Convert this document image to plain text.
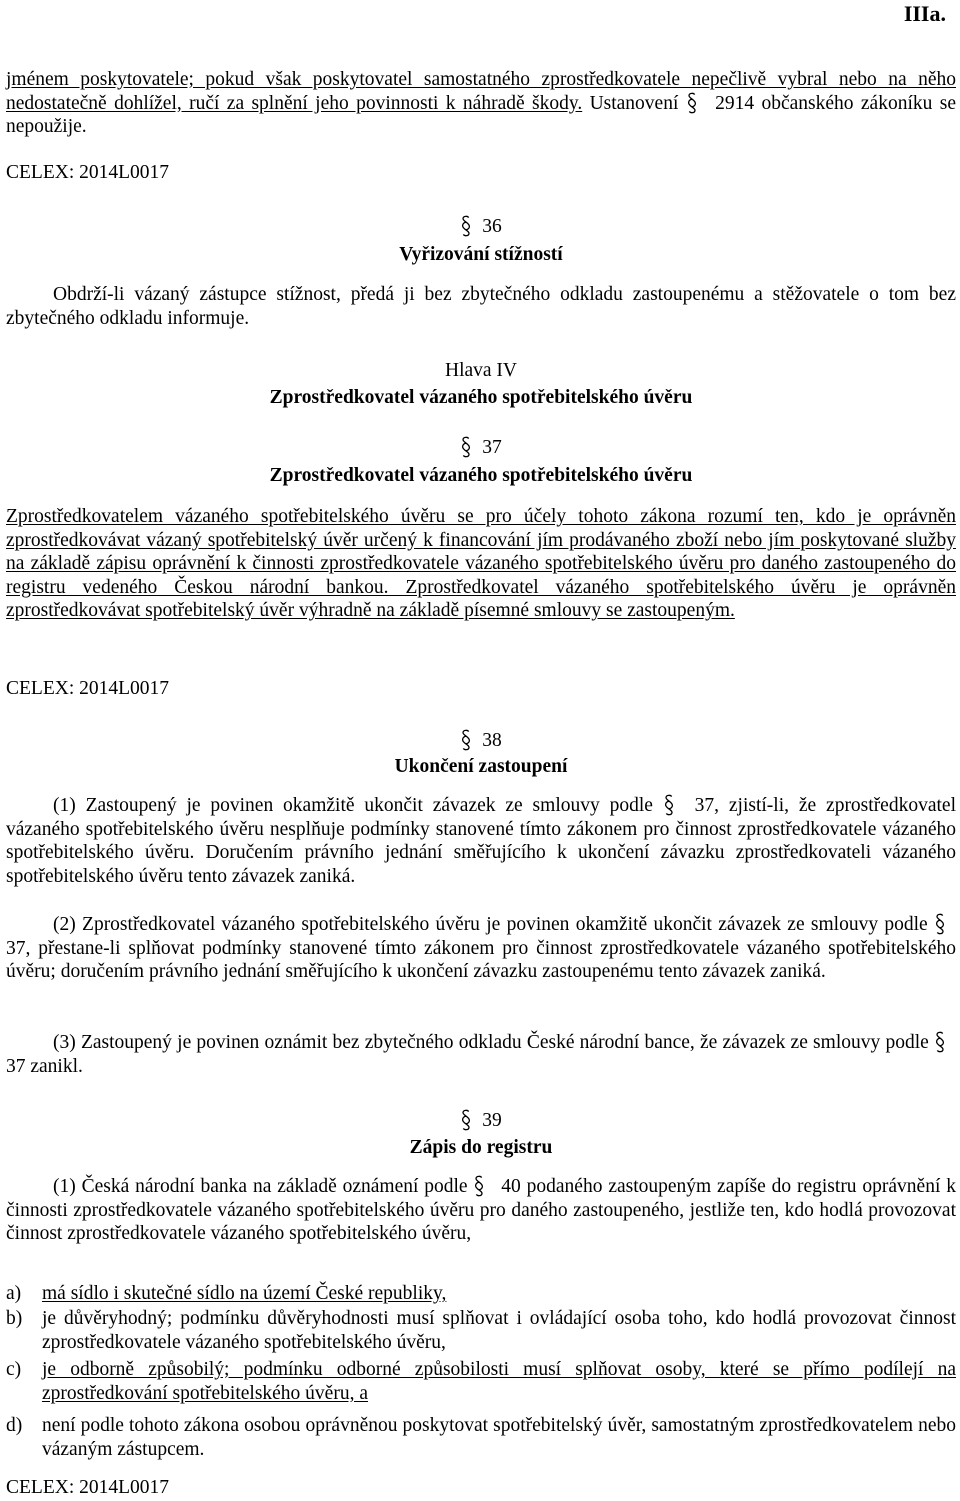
IIIa.

jménem poskytovatele; pokud však poskytovatel samostatného zprostředkovatele nepečlivě vybral nebo na něho nedostatečně dohlížel, ručí za splnění jeho povinnosti k náhradě škody. Ustanovení  2914 občanského zákoníku se nepoužije.

CELEX: 2014L0017
36
Vyřizování stížností

Obdrží-li vázaný zástupce stížnost, předá ji bez zbytečného odkladu zastoupenému a stěžovatele o tom bez zbytečného odkladu informuje.

Hlava IV
Zprostředkovatel vázaného spotřebitelského úvěru
37
Zprostředkovatel vázaného spotřebitelského úvěru

Zprostředkovatelem vázaného spotřebitelského úvěru se pro účely tohoto zákona rozumí ten, kdo je oprávněn zprostředkovávat vázaný spotřebitelský úvěr určený k financování jím prodávaného zboží nebo jím poskytované služby na základě zápisu oprávnění k činnosti zprostředkovatele vázaného spotřebitelského úvěru pro daného zastoupeného do registru vedeného Českou národní bankou. Zprostředkovatel vázaného spotřebitelského úvěru je oprávněn zprostředkovávat spotřebitelský úvěr výhradně na základě písemné smlouvy se zastoupeným.

CELEX: 2014L0017
38
Ukončení zastoupení

(1) Zastoupený je povinen okamžitě ukončit závazek ze smlouvy podle  37, zjistí-li, že zprostředkovatel vázaného spotřebitelského úvěru nesplňuje podmínky stanovené tímto zákonem pro činnost zprostředkovatele vázaného spotřebitelského úvěru. Doručením právního jednání směřujícího k ukončení závazku zprostředkovateli vázaného spotřebitelského úvěru tento závazek zaniká.

(2) Zprostředkovatel vázaného spotřebitelského úvěru je povinen okamžitě ukončit závazek ze smlouvy podle  37, přestane-li splňovat podmínky stanovené tímto zákonem pro činnost zprostředkovatele vázaného spotřebitelského úvěru; doručením právního jednání směřujícího k ukončení závazku zastoupenému tento závazek zaniká.

(3) Zastoupený je povinen oznámit bez zbytečného odkladu České národní bance, že závazek ze smlouvy podle  37 zanikl.

39
Zápis do registru

(1) Česká národní banka na základě oznámení podle  40 podaného zastoupeným zapíše do registru oprávnění k činnosti zprostředkovatele vázaného spotřebitelského úvěru pro daného zastoupeného, jestliže ten, kdo hodlá provozovat činnost zprostředkovatele vázaného spotřebitelského úvěru,

a)	má sídlo i skutečné sídlo na území České republiky,
b)	je důvěryhodný; podmínku důvěryhodnosti musí splňovat i ovládající osoba toho, kdo hodlá provozovat činnost zprostředkovatele vázaného spotřebitelského úvěru,
c)	je odborně způsobilý; podmínku odborné způsobilosti musí splňovat osoby, které se přímo podílejí na zprostředkování spotřebitelského úvěru, a
d)	není podle tohoto zákona osobou oprávněnou poskytovat spotřebitelský úvěr, samostatným zprostředkovatelem nebo vázaným zástupcem.
CELEX: 2014L0017
